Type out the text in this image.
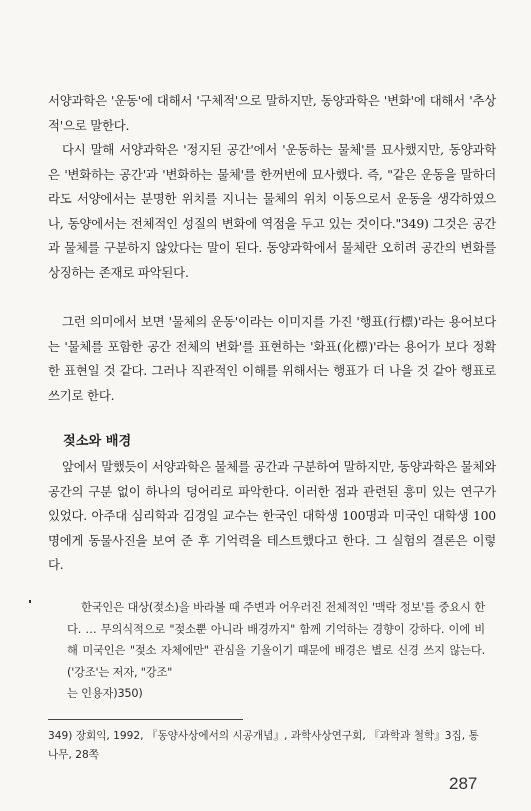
서양과학은 '운동'에 대해서 '구체적'으로 말하지만, 동양과학은 '변화'에 대해서 '추상적'으로 말한다.

다시 말해 서양과학은 '정지된 공간'에서 '운동하는 물체'를 묘사했지만, 동양과학은 '변화하는 공간'과 '변화하는 물체'를 한꺼번에 묘사했다. 즉, "같은 운동을 말하더라도 서양에서는 분명한 위치를 지니는 물체의 위치 이동으로서 운동을 생각하였으나, 동양에서는 전체적인 성질의 변화에 역점을 두고 있는 것이다."349) 그것은 공간과 물체를 구분하지 않았다는 말이 된다. 동양과학에서 물체란 오히려 공간의 변화를 상징하는 존재로 파악된다.

그런 의미에서 보면 '물체의 운동'이라는 이미지를 가진 '행표(行標)'라는 용어보다는 '물체를 포함한 공간 전체의 변화'를 표현하는 '화표(化標)'라는 용어가 보다 정확한 표현일 것 같다. 그러나 직관적인 이해를 위해서는 행표가 더 나을 것 같아 행표로 쓰기로 한다.

젖소와 배경

앞에서 말했듯이 서양과학은 물체를 공간과 구분하여 말하지만, 동양과학은 물체와 공간의 구분 없이 하나의 덩어리로 파악한다. 이러한 점과 관련된 흥미 있는 연구가 있었다. 아주대 심리학과 김경일 교수는 한국인 대학생 100명과 미국인 대학생 100명에게 동물사진을 보여 준 후 기억력을 테스트했다고 한다. 그 실험의 결론은 이렇다.

한국인은 대상(젖소)을 바라볼 때 주변과 어우러진 전체적인 '맥락 정보'를 중요시 한다. … 무의식적으로 "젖소뿐 아니라 배경까지" 함께 기억하는 경향이 강하다. 이에 비해 미국인은 "젖소 자체에만" 관심을 기울이기 때문에 배경은 별로 신경 쓰지 않는다.('강조'는 저자, "강조"
는 인용자)350)

349) 장회익, 1992, 『동양사상에서의 시공개념』, 과학사상연구회, 『과학과 철학』3집, 통나무, 28쪽

287
